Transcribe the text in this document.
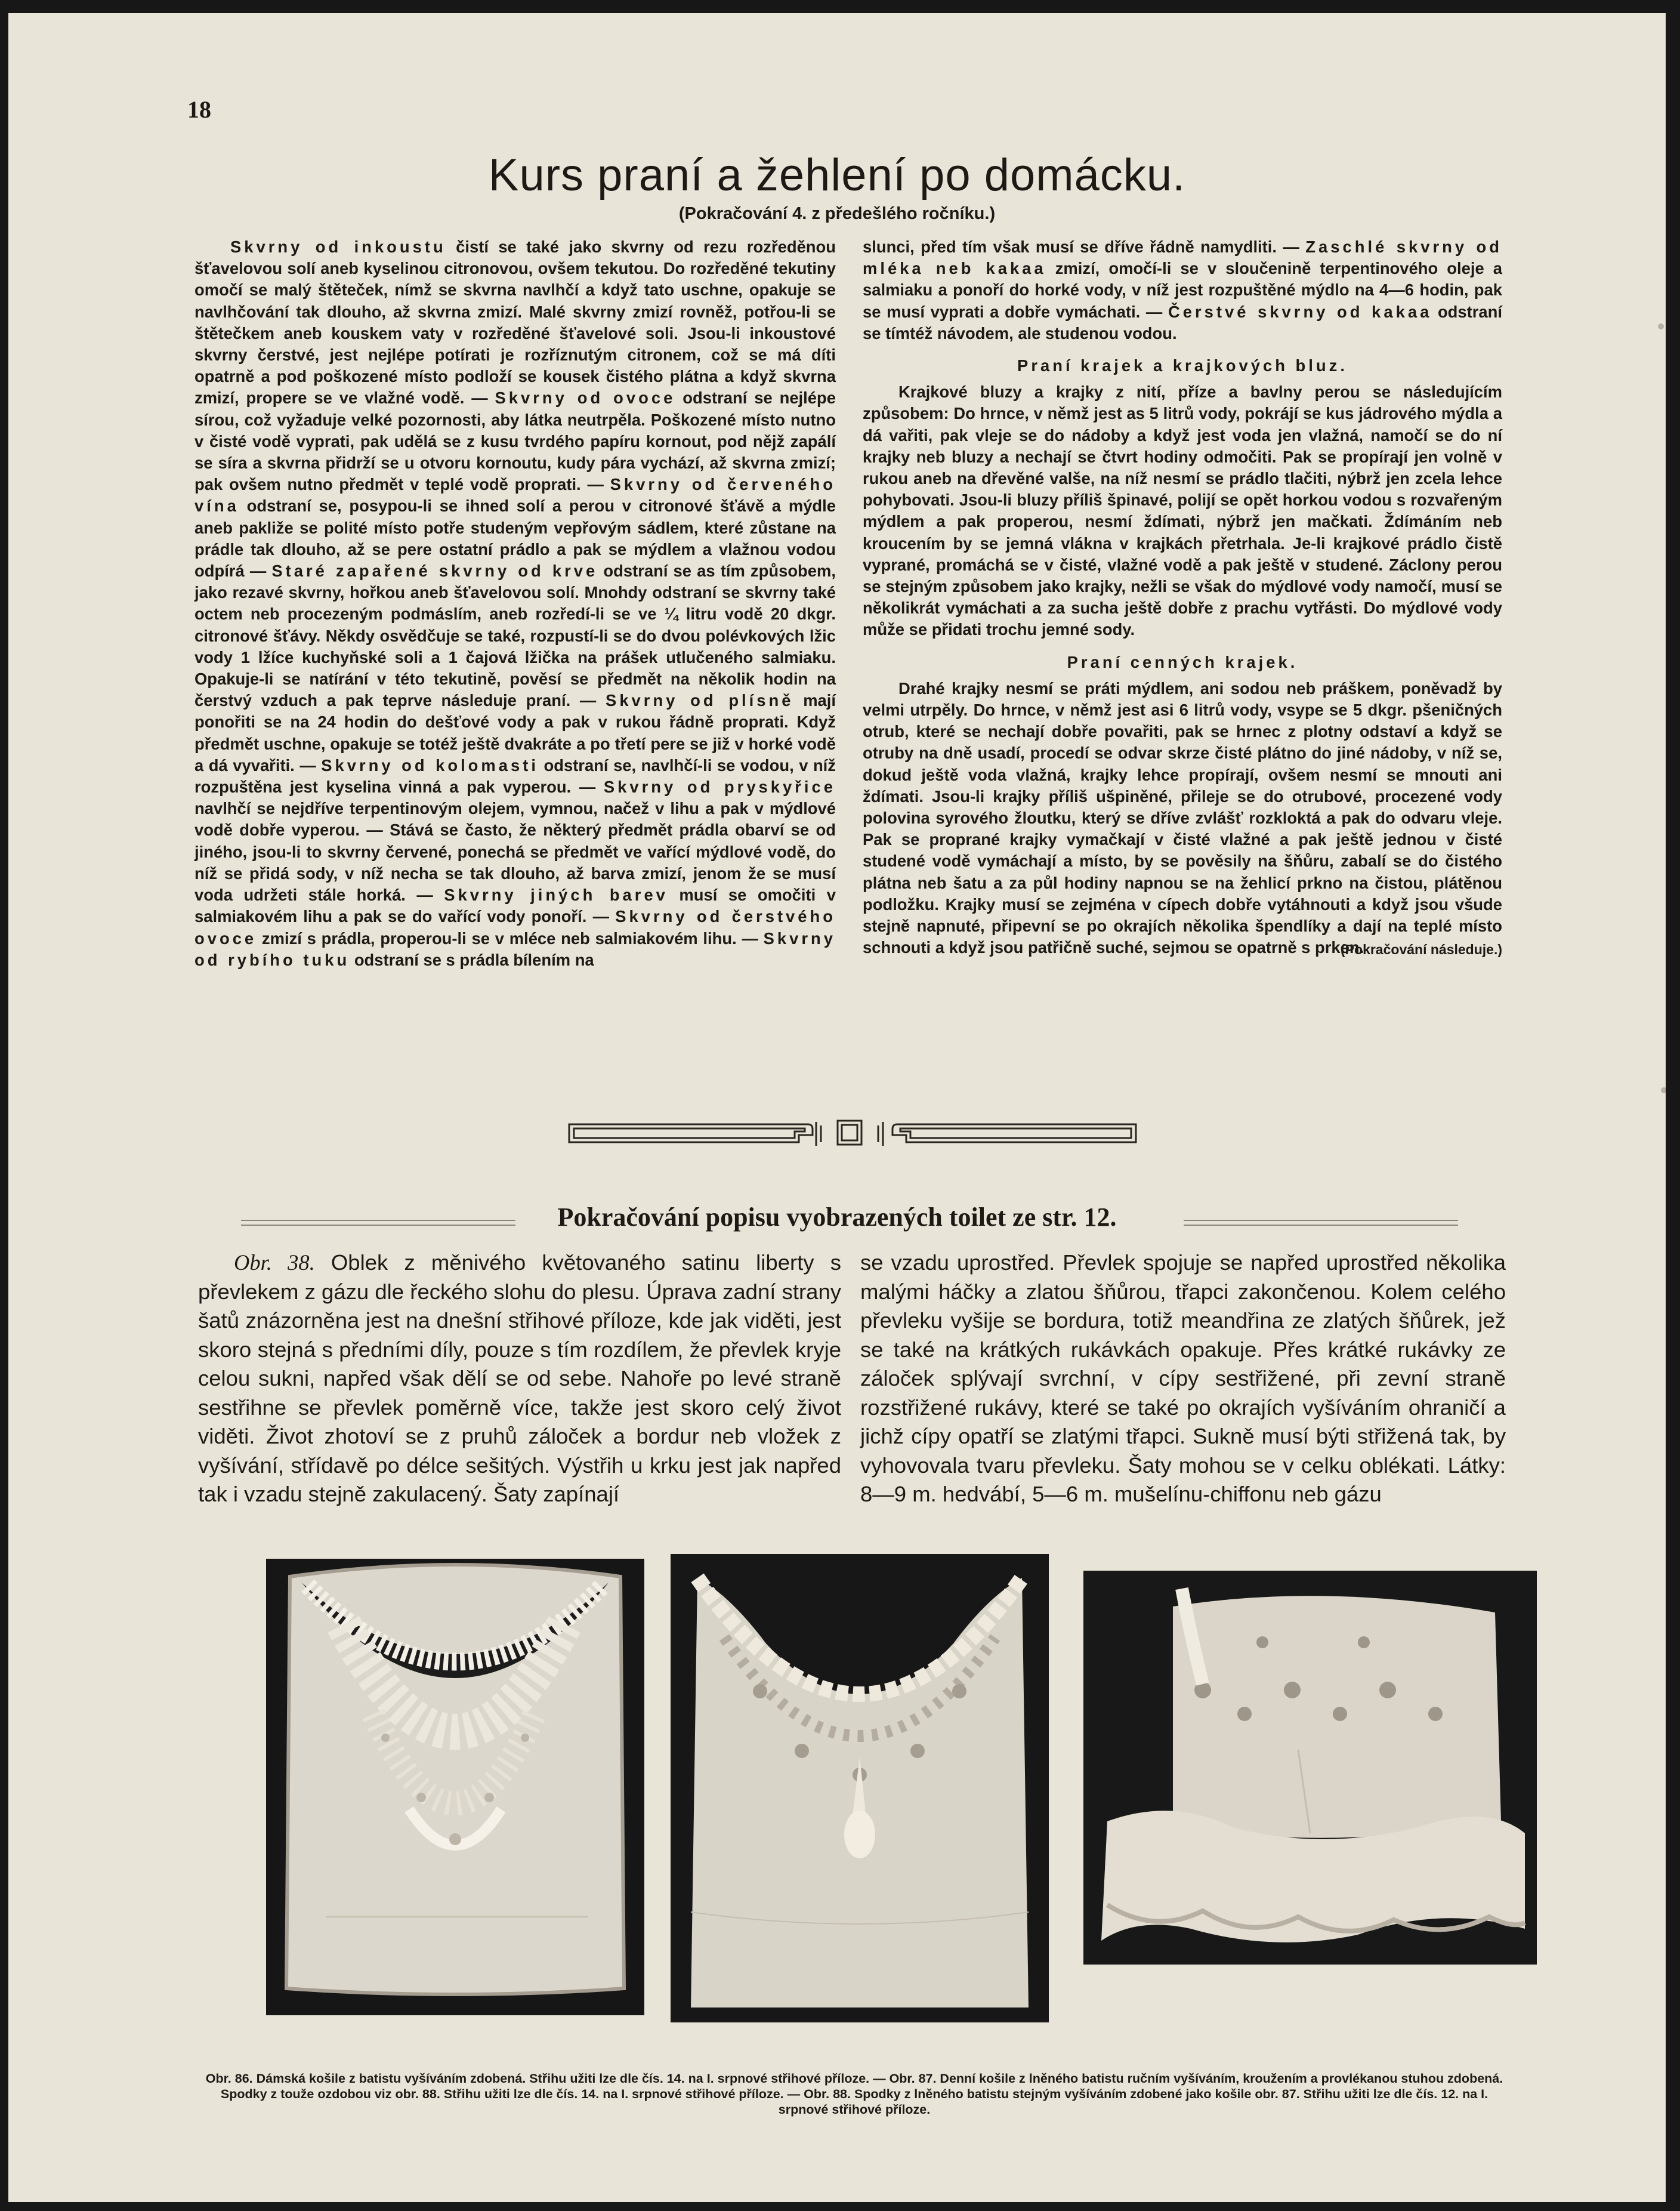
18
Kurs praní a žehlení po domácku.
(Pokračování 4. z předešlého ročníku.)

Skvrny od inkoustu čistí se také jako skvrny od rezu rozředěnou šťavelovou solí aneb kyselinou citronovou, ovšem tekutou. Do rozředěné tekutiny omočí se malý štěteček, nímž se skvrna navlhčí a když tato uschne, opakuje se navlhčování tak dlouho, až skvrna zmizí. Malé skvrny zmizí rovněž, potřou-li se štětečkem aneb kouskem vaty v rozředěné šťavelové soli. Jsou-li inkoustové skvrny čerstvé, jest nejlépe potírati je rozříznutým citronem, což se má díti opatrně a pod poškozené místo podloží se kousek čistého plátna a když skvrna zmizí, propere se ve vlažné vodě. — Skvrny od ovoce odstraní se nejlépe sírou, což vyžaduje velké pozornosti, aby látka neutrpěla. Poškozené místo nutno v čisté vodě vyprati, pak udělá se z kusu tvrdého papíru kornout, pod nějž zapálí se síra a skvrna přidrží se u otvoru kornoutu, kudy pára vychází, až skvrna zmizí; pak ovšem nutno předmět v teplé vodě proprati. — Skvrny od červeného vína odstraní se, posypou-li se ihned solí a perou v citronové šťávě a mýdle aneb pakliže se polité místo potře studeným vepřovým sádlem, které zůstane na prádle tak dlouho, až se pere ostatní prádlo a pak se mýdlem a vlažnou vodou odpírá — Staré zapařené skvrny od krve odstraní se as tím způsobem, jako rezavé skvrny, hořkou aneb šťavelovou solí. Mnohdy odstraní se skvrny také octem neb procezeným podmáslím, aneb rozředí-li se ve ¼ litru vodě 20 dkgr. citronové šťávy. Někdy osvědčuje se také, rozpustí-li se do dvou polévkových lžic vody 1 lžíce kuchyňské soli a 1 čajová lžička na prášek utlučeného salmiaku. Opakuje-li se natírání v této tekutině, pověsí se předmět na několik hodin na čerstvý vzduch a pak teprve následuje praní. — Skvrny od plísně mají ponořiti se na 24 hodin do dešťové vody a pak v rukou řádně proprati. Když předmět uschne, opakuje se totéž ještě dvakráte a po třetí pere se již v horké vodě a dá vyvařiti. — Skvrny od kolomasti odstraní se, navlhčí-li se vodou, v níž rozpuštěna jest kyselina vinná a pak vyperou. — Skvrny od pryskyřice navlhčí se nejdříve terpentinovým olejem, vymnou, načež v lihu a pak v mýdlové vodě dobře vyperou. — Stává se často, že některý předmět prádla obarví se od jiného, jsou-li to skvrny červené, ponechá se předmět ve vařící mýdlové vodě, do níž se přidá sody, v níž necha se tak dlouho, až barva zmizí, jenom že se musí voda udržeti stále horká. — Skvrny jiných barev musí se omočiti v salmiakovém lihu a pak se do vařící vody ponoří. — Skvrny od čerstvého ovoce zmizí s prádla, properou-li se v mléce neb salmiakovém lihu. — Skvrny od rybího tuku odstraní se s prádla bílením na

slunci, před tím však musí se dříve řádně namydliti. — Zaschlé skvrny od mléka neb kakaa zmizí, omočí-li se v sloučenině terpentinového oleje a salmiaku a ponoří do horké vody, v níž jest rozpuštěné mýdlo na 4—6 hodin, pak se musí vyprati a dobře vymáchati. — Čerstvé skvrny od kakaa odstraní se tímtéž návodem, ale studenou vodou.

Praní krajek a krajkových bluz.

Krajkové bluzy a krajky z nití, příze a bavlny perou se následujícím způsobem: Do hrnce, v němž jest as 5 litrů vody, pokrájí se kus jádrového mýdla a dá vařiti, pak vleje se do nádoby a když jest voda jen vlažná, namočí se do ní krajky neb bluzy a nechají se čtvrt hodiny odmočiti. Pak se propírají jen volně v rukou aneb na dřevěné valše, na níž nesmí se prádlo tlačiti, nýbrž jen zcela lehce pohybovati. Jsou-li bluzy příliš špinavé, polijí se opět horkou vodou s rozvařeným mýdlem a pak properou, nesmí ždímati, nýbrž jen mačkati. Ždímáním neb kroucením by se jemná vlákna v krajkách přetrhala. Je-li krajkové prádlo čistě vyprané, promáchá se v čisté, vlažné vodě a pak ještě v studené. Záclony perou se stejným způsobem jako krajky, nežli se však do mýdlové vody namočí, musí se několikrát vymáchati a za sucha ještě dobře z prachu vytřásti. Do mýdlové vody může se přidati trochu jemné sody.

Praní cenných krajek.

Drahé krajky nesmí se práti mýdlem, ani sodou neb práškem, poněvadž by velmi utrpěly. Do hrnce, v němž jest asi 6 litrů vody, vsype se 5 dkgr. pšeničných otrub, které se nechají dobře povařiti, pak se hrnec z plotny odstaví a když se otruby na dně usadí, procedí se odvar skrze čisté plátno do jiné nádoby, v níž se, dokud ještě voda vlažná, krajky lehce propírají, ovšem nesmí se mnouti ani ždímati. Jsou-li krajky příliš ušpiněné, přileje se do otrubové, procezené vody polovina syrového žloutku, který se dříve zvlášť rozkloktá a pak do odvaru vleje. Pak se proprané krajky vymačkají v čisté vlažné a pak ještě jednou v čisté studené vodě vymáchají a místo, by se pověsily na šňůru, zabalí se do čistého plátna neb šatu a za půl hodiny napnou se na žehlicí prkno na čistou, plátěnou podložku. Krajky musí se zejména v cípech dobře vytáhnouti a když jsou všude stejně napnuté, připevní se po okrajích několika špendlíky a dají na teplé místo schnouti a když jsou patřičně suché, sejmou se opatrně s prken.

(Pokračování následuje.)
Pokračování popisu vyobrazených toilet ze str. 12.

Obr. 38. Oblek z měnivého květovaného satinu liberty s převlekem z gázu dle řeckého slohu do plesu. Úprava zadní strany šatů znázorněna jest na dnešní střihové příloze, kde jak viděti, jest skoro stejná s předními díly, pouze s tím rozdílem, že převlek kryje celou sukni, napřed však dělí se od sebe. Nahoře po levé straně sestřihne se převlek poměrně více, takže jest skoro celý život viděti. Život zhotoví se z pruhů záloček a bordur neb vložek z vyšívání, střídavě po délce sešitých. Výstřih u krku jest jak napřed tak i vzadu stejně zakulacený. Šaty zapínají

se vzadu uprostřed. Převlek spojuje se napřed uprostřed několika malými háčky a zlatou šňůrou, třapci zakončenou. Kolem celého převleku vyšije se bordura, totiž meandřina ze zlatých šňůrek, jež se také na krátkých rukávkách opakuje. Přes krátké rukávky ze záloček splývají svrchní, v cípy sestřižené, při zevní straně rozstřižené rukávy, které se také po okrajích vyšíváním ohraničí a jichž cípy opatří se zlatými třapci. Sukně musí býti střižená tak, by vyhovovala tvaru převleku. Šaty mohou se v celku oblékati. Látky: 8—9 m. hedvábí, 5—6 m. mušelínu-chiffonu neb gázu

Obr. 86. Dámská košile z batistu vyšíváním zdobená. Střihu užiti lze dle čís. 14. na I. srpnové střihové příloze. — Obr. 87. Denní košile z lněného batistu ručním vyšíváním, kroužením a provlékanou stuhou zdobená. Spodky z touže ozdobou viz obr. 88. Střihu užiti lze dle čís. 14. na I. srpnové střihové příloze. — Obr. 88. Spodky z lněného batistu stejným vyšíváním zdobené jako košile obr. 87. Střihu užiti lze dle čís. 12. na I. srpnové střihové příloze.
